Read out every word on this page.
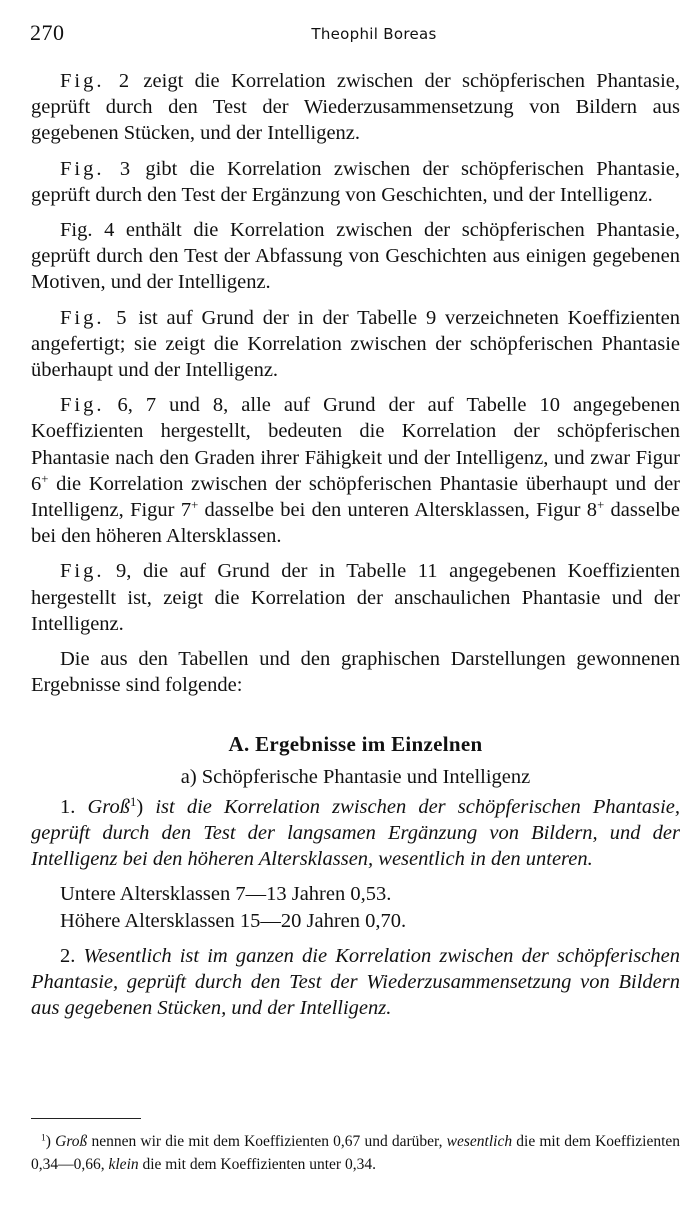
270	Theophil Boreas

Fig. 2 zeigt die Korrelation zwischen der schöpferischen Phantasie, geprüft durch den Test der Wiederzusammensetzung von Bildern aus gegebenen Stücken, und der Intelligenz.

Fig. 3 gibt die Korrelation zwischen der schöpferischen Phantasie, geprüft durch den Test der Ergänzung von Geschichten, und der Intelligenz.

Fig. 4 enthält die Korrelation zwischen der schöpferischen Phantasie, geprüft durch den Test der Abfassung von Geschichten aus einigen gegebenen Motiven, und der Intelligenz.

Fig. 5 ist auf Grund der in der Tabelle 9 verzeichneten Koeffizienten angefertigt; sie zeigt die Korrelation zwischen der schöpferischen Phantasie überhaupt und der Intelligenz.

Fig. 6, 7 und 8, alle auf Grund der auf Tabelle 10 angegebenen Koeffizienten hergestellt, bedeuten die Korrelation der schöpferischen Phantasie nach den Graden ihrer Fähigkeit und der Intelligenz, und zwar Figur 6+ die Korrelation zwischen der schöpferischen Phantasie überhaupt und der Intelligenz, Figur 7+ dasselbe bei den unteren Altersklassen, Figur 8+ dasselbe bei den höheren Altersklassen.

Fig. 9, die auf Grund der in Tabelle 11 angegebenen Koeffizienten hergestellt ist, zeigt die Korrelation der anschaulichen Phantasie und der Intelligenz.

Die aus den Tabellen und den graphischen Darstellungen gewonnenen Ergebnisse sind folgende:

A. Ergebnisse im Einzelnen
a) Schöpferische Phantasie und Intelligenz

1. Groß$^1$) ist die Korrelation zwischen der schöpferischen Phantasie, geprüft durch den Test der langsamen Ergänzung von Bildern, und der Intelligenz bei den höheren Altersklassen, wesentlich in den unteren.

Untere Altersklassen 7—13 Jahren 0,53.

Höhere Altersklassen 15—20 Jahren 0,70.

2. Wesentlich ist im ganzen die Korrelation zwischen der schöpferischen Phantasie, geprüft durch den Test der Wiederzusammensetzung von Bildern aus gegebenen Stücken, und der Intelligenz.

$^1$) Groß nennen wir die mit dem Koeffizienten 0,67 und darüber, wesentlich die mit dem Koeffizienten 0,34—0,66, klein die mit dem Koeffizienten unter 0,34.
